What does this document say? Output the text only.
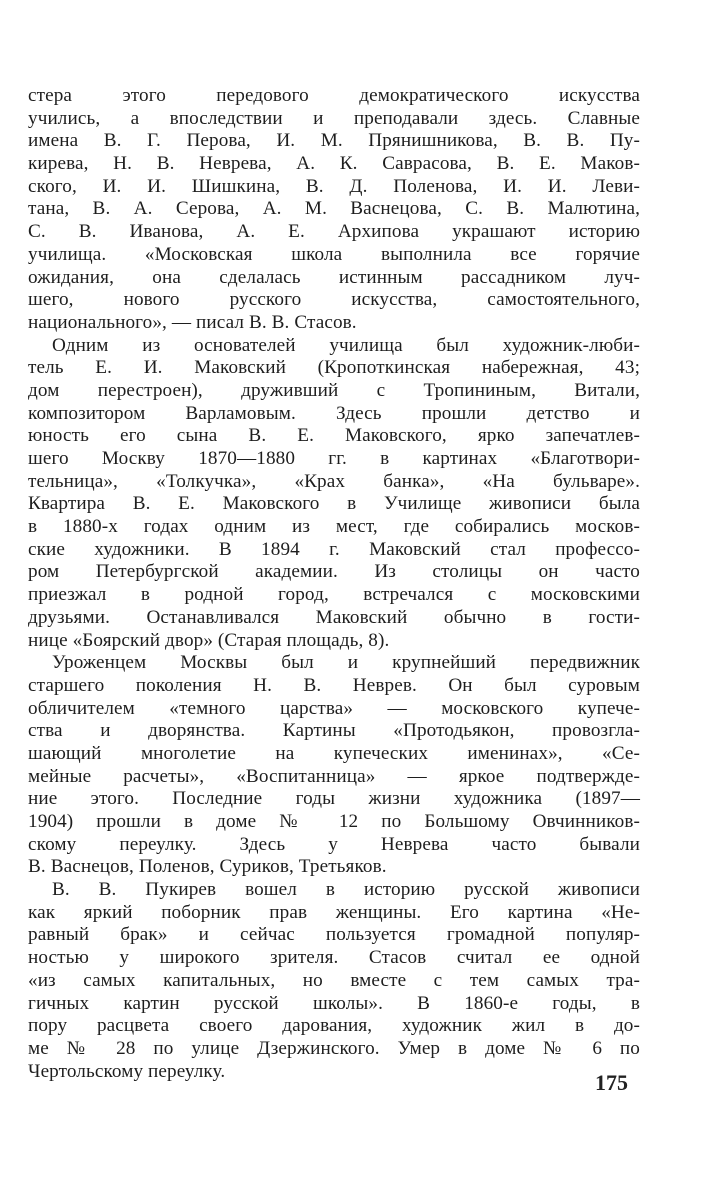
стера этого передового демократического искусства
учились, а впоследствии и преподавали здесь. Славные
имена В. Г. Перова, И. М. Прянишникова, В. В. Пу-
кирева, Н. В. Неврева, А. К. Саврасова, В. Е. Маков-
ского, И. И. Шишкина, В. Д. Поленова, И. И. Леви-
тана, В. А. Серова, А. М. Васнецова, С. В. Малютина,
С. В. Иванова, А. Е. Архипова украшают историю
училища. «Московская школа выполнила все горячие
ожидания, она сделалась истинным рассадником луч-
шего, нового русского искусства, самостоятельного,
национального», — писал В. В. Стасов.
Одним из основателей училища был художник-люби-
тель Е. И. Маковский (Кропоткинская набережная, 43;
дом перестроен), друживший с Тропининым, Витали,
композитором Варламовым. Здесь прошли детство и
юность его сына В. Е. Маковского, ярко запечатлев-
шего Москву 1870—1880 гг. в картинах «Благотвори-
тельница», «Толкучка», «Крах банка», «На бульваре».
Квартира В. Е. Маковского в Училище живописи была
в 1880-х годах одним из мест, где собирались москов-
ские художники. В 1894 г. Маковский стал профессо-
ром Петербургской академии. Из столицы он часто
приезжал в родной город, встречался с московскими
друзьями. Останавливался Маковский обычно в гости-
нице «Боярский двор» (Старая площадь, 8).
Уроженцем Москвы был и крупнейший передвижник
старшего поколения Н. В. Неврев. Он был суровым
обличителем «темного царства» — московского купече-
ства и дворянства. Картины «Протодьякон, провозгла-
шающий многолетие на купеческих именинах», «Се-
мейные расчеты», «Воспитанница» — яркое подтвержде-
ние этого. Последние годы жизни художника (1897—
1904) прошли в доме № 12 по Большому Овчинников-
скому переулку. Здесь у Неврева часто бывали
В. Васнецов, Поленов, Суриков, Третьяков.
В. В. Пукирев вошел в историю русской живописи
как яркий поборник прав женщины. Его картина «Не-
равный брак» и сейчас пользуется громадной популяр-
ностью у широкого зрителя. Стасов считал ее одной
«из самых капитальных, но вместе с тем самых тра-
гичных картин русской школы». В 1860-е годы, в
пору расцвета своего дарования, художник жил в до-
ме № 28 по улице Дзержинского. Умер в доме № 6 по
Чертольскому переулку.	175
